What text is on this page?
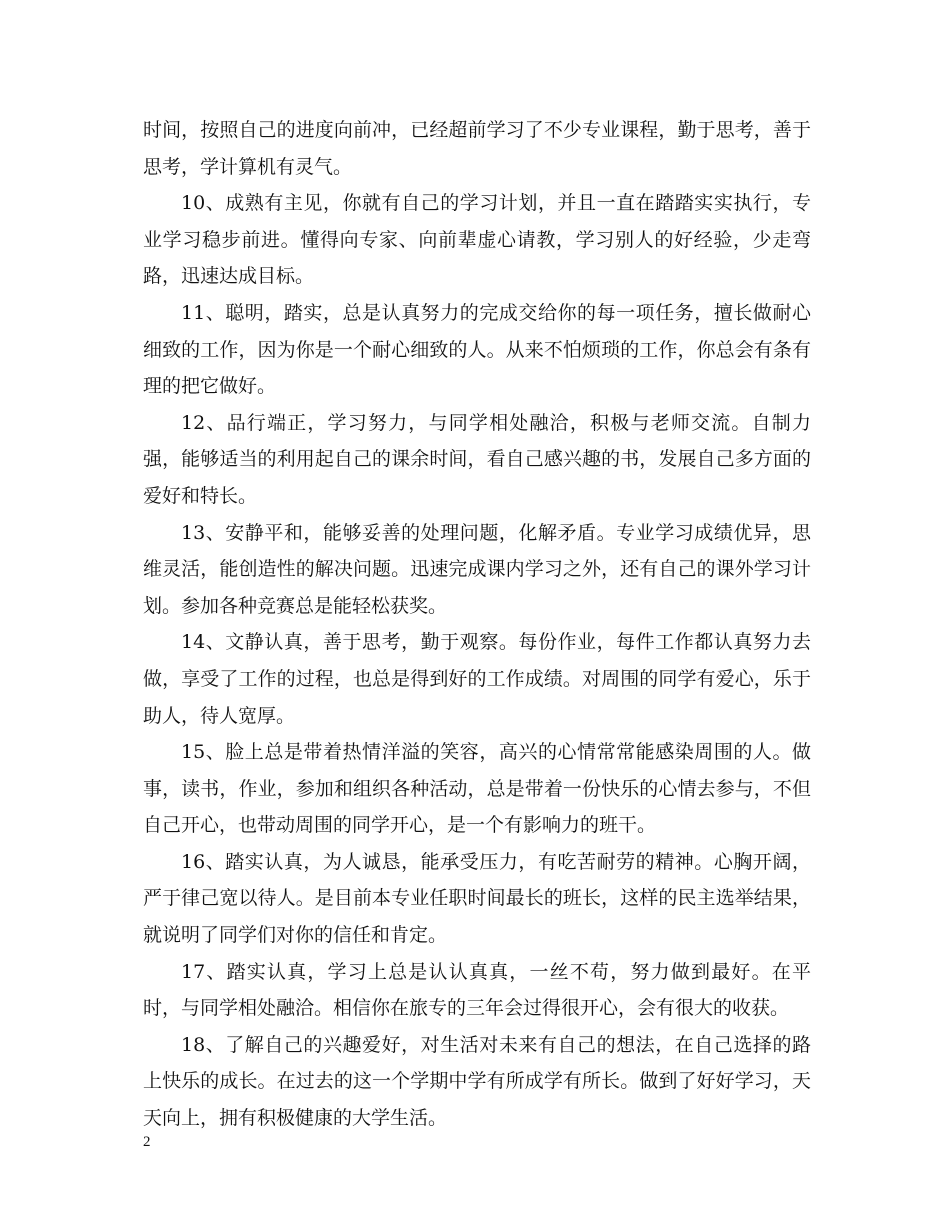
时间，按照自己的进度向前冲，已经超前学习了不少专业课程，勤于思考，善于思考，学计算机有灵气。

10、成熟有主见，你就有自己的学习计划，并且一直在踏踏实实执行，专业学习稳步前进。懂得向专家、向前辈虚心请教，学习别人的好经验，少走弯路，迅速达成目标。

11、聪明，踏实，总是认真努力的完成交给你的每一项任务，擅长做耐心细致的工作，因为你是一个耐心细致的人。从来不怕烦琐的工作，你总会有条有理的把它做好。

12、品行端正，学习努力，与同学相处融洽，积极与老师交流。自制力强，能够适当的利用起自己的课余时间，看自己感兴趣的书，发展自己多方面的爱好和特长。

13、安静平和，能够妥善的处理问题，化解矛盾。专业学习成绩优异，思维灵活，能创造性的解决问题。迅速完成课内学习之外，还有自己的课外学习计划。参加各种竞赛总是能轻松获奖。

14、文静认真，善于思考，勤于观察。每份作业，每件工作都认真努力去做，享受了工作的过程，也总是得到好的工作成绩。对周围的同学有爱心，乐于助人，待人宽厚。

15、脸上总是带着热情洋溢的笑容，高兴的心情常常能感染周围的人。做事，读书，作业，参加和组织各种活动，总是带着一份快乐的心情去参与，不但自己开心，也带动周围的同学开心，是一个有影响力的班干。

16、踏实认真，为人诚恳，能承受压力，有吃苦耐劳的精神。心胸开阔，严于律己宽以待人。是目前本专业任职时间最长的班长，这样的民主选举结果，就说明了同学们对你的信任和肯定。

17、踏实认真，学习上总是认认真真，一丝不苟，努力做到最好。在平时，与同学相处融洽。相信你在旅专的三年会过得很开心，会有很大的收获。

18、了解自己的兴趣爱好，对生活对未来有自己的想法，在自己选择的路上快乐的成长。在过去的这一个学期中学有所成学有所长。做到了好好学习，天天向上，拥有积极健康的大学生活。

2
